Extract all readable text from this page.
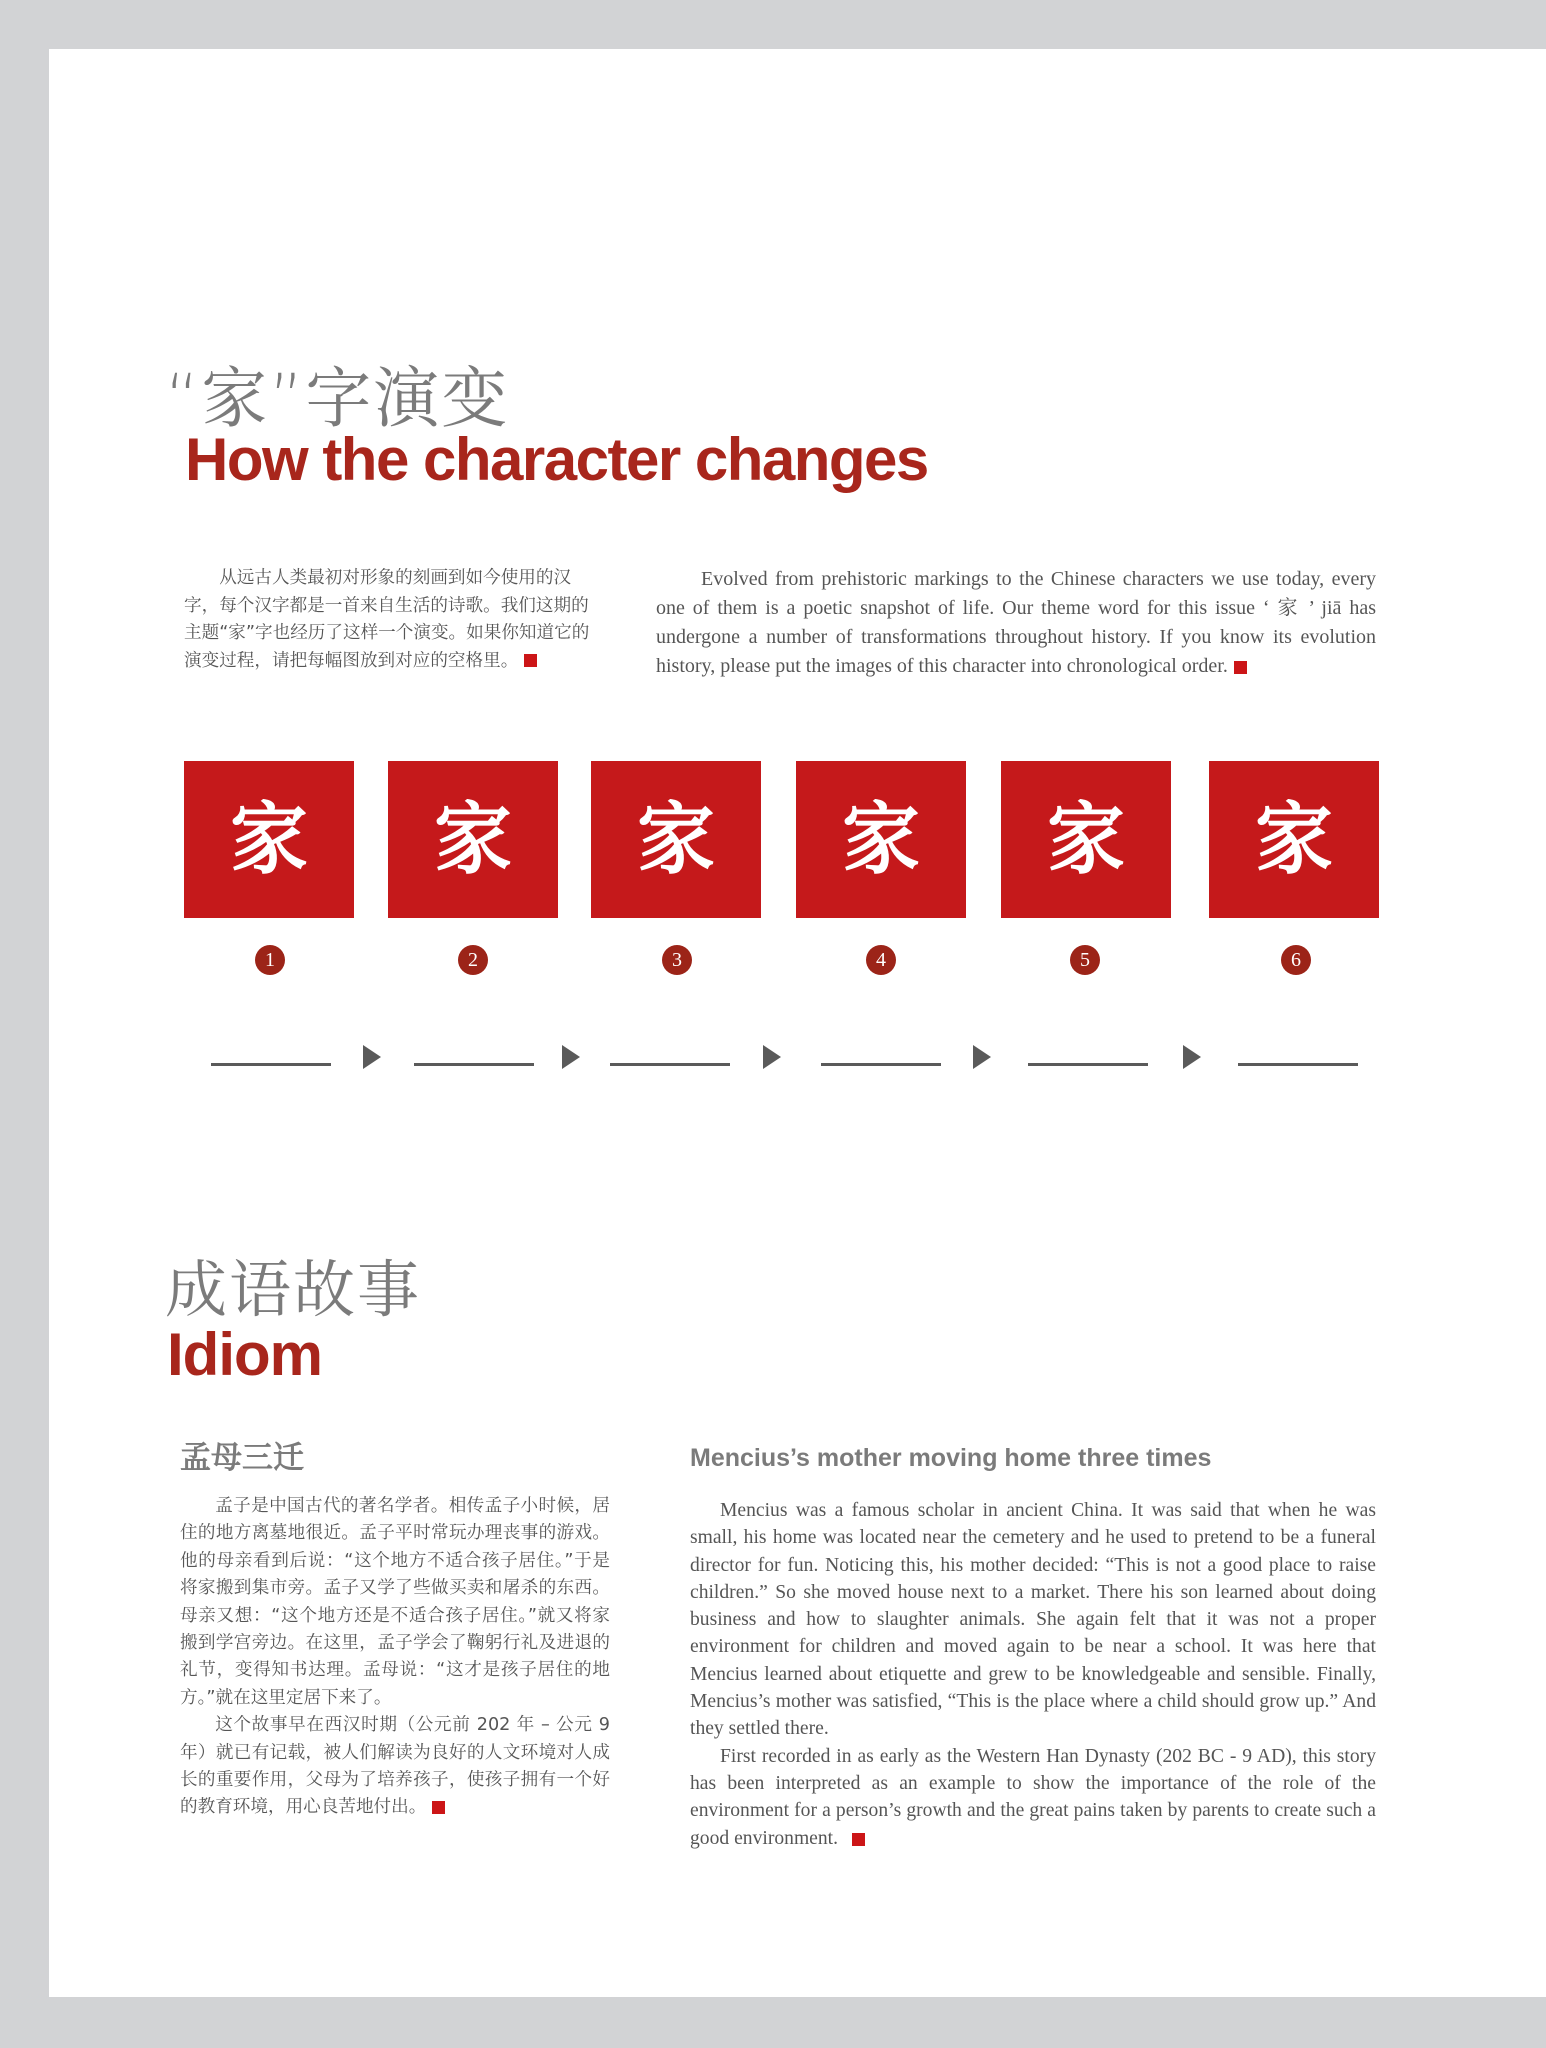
“家”字演变
How the character changes

从远古人类最初对形象的刻画到如今使用的汉字，每个汉字都是一首来自生活的诗歌。我们这期的主题“家”字也经历了这样一个演变。如果你知道它的演变过程，请把每幅图放到对应的空格里。

Evolved from prehistoric markings to the Chinese characters we use today, every one of them is a poetic snapshot of life. Our theme word for this issue ‘ 家 ’ jiā has undergone a number of transformations throughout history. If you know its evolution history, please put the images of this character into chronological order.

家 家 家 家 家 家
1	2	3	4	5	6
成语故事
Idiom
孟母三迁	Mencius’s mother moving home three times

孟子是中国古代的著名学者。相传孟子小时候，居住的地方离墓地很近。孟子平时常玩办理丧事的游戏。他的母亲看到后说：“这个地方不适合孩子居住。”于是将家搬到集市旁。孟子又学了些做买卖和屠杀的东西。母亲又想：“这个地方还是不适合孩子居住。”就又将家搬到学宫旁边。在这里，孟子学会了鞠躬行礼及进退的礼节，变得知书达理。孟母说：“这才是孩子居住的地方。”就在这里定居下来了。

这个故事早在西汉时期（公元前 202 年 – 公元 9 年）就已有记载，被人们解读为良好的人文环境对人成长的重要作用，父母为了培养孩子，使孩子拥有一个好的教育环境，用心良苦地付出。

Mencius was a famous scholar in ancient China. It was said that when he was small, his home was located near the cemetery and he used to pretend to be a funeral director for fun. Noticing this, his mother decided: “This is not a good place to raise children.” So she moved house next to a market. There his son learned about doing business and how to slaughter animals. She again felt that it was not a proper environment for children and moved again to be near a school. It was here that Mencius learned about etiquette and grew to be knowledgeable and sensible. Finally, Mencius’s mother was satisfied, “This is the place where a child should grow up.” And they settled there.

First recorded in as early as the Western Han Dynasty (202 BC - 9 AD), this story has been interpreted as an example to show the importance of the role of the environment for a person’s growth and the great pains taken by parents to create such a good environment.
